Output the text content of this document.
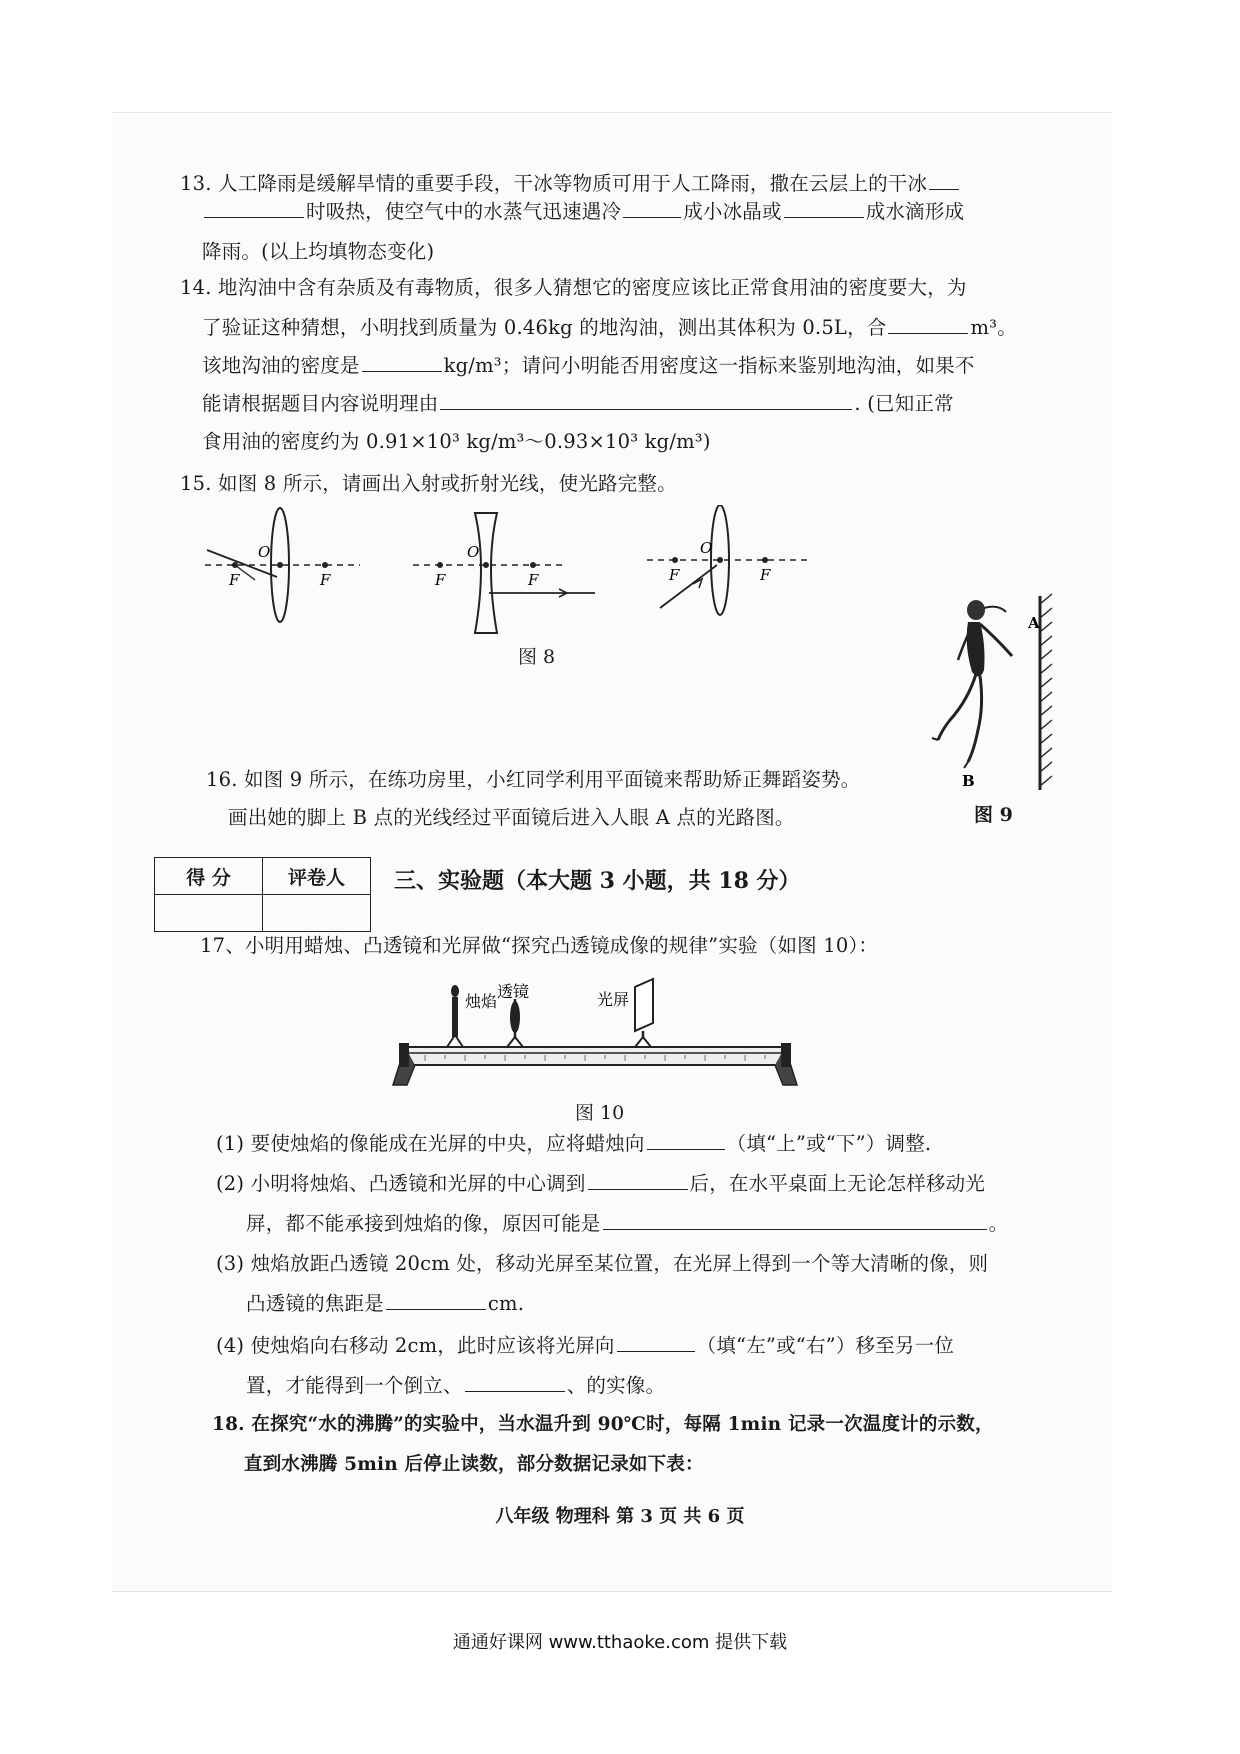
13. 人工降雨是缓解旱情的重要手段，干冰等物质可用于人工降雨，撒在云层上的干冰
时吸热，使空气中的水蒸气迅速遇冷	成小冰晶或	成水滴形成
降雨。(以上均填物态变化)
14. 地沟油中含有杂质及有毒物质，很多人猜想它的密度应该比正常食用油的密度要大，为
了验证这种猜想，小明找到质量为 0.46kg 的地沟油，测出其体积为 0.5L，合	m³。
该地沟油的密度是	kg/m³；请问小明能否用密度这一指标来鉴别地沟油，如果不
能请根据题目内容说明理由	. (已知正常
食用油的密度约为 0.91×10³ kg/m³～0.93×10³ kg/m³)
15. 如图 8 所示，请画出入射或折射光线，使光路完整。
F
O
F	F
O
F	F
O
F
图 8
A
B
图 9
16. 如图 9 所示，在练功房里，小红同学利用平面镜来帮助矫正舞蹈姿势。
画出她的脚上 B 点的光线经过平面镜后进入人眼 A 点的光路图。
得 分	评卷人
	三、实验题（本大题 3 小题，共 18 分）
17、小明用蜡烛、凸透镜和光屏做“探究凸透镜成像的规律”实验（如图 10）：
烛焰
透镜	光屏
图 10
(1) 要使烛焰的像能成在光屏的中央，应将蜡烛向	（填“上”或“下”）调整.
(2) 小明将烛焰、凸透镜和光屏的中心调到	后，在水平桌面上无论怎样移动光
屏，都不能承接到烛焰的像，原因可能是	。
(3) 烛焰放距凸透镜 20cm 处，移动光屏至某位置，在光屏上得到一个等大清晰的像，则
凸透镜的焦距是	cm.
(4) 使烛焰向右移动 2cm，此时应该将光屏向	（填“左”或“右”）移至另一位
置，才能得到一个倒立、	、的实像。
18. 在探究“水的沸腾”的实验中，当水温升到 90℃时，每隔 1min 记录一次温度计的示数，
直到水沸腾 5min 后停止读数，部分数据记录如下表：
八年级 物理科 第 3 页 共 6 页
通通好课网 www.tthaoke.com 提供下载
